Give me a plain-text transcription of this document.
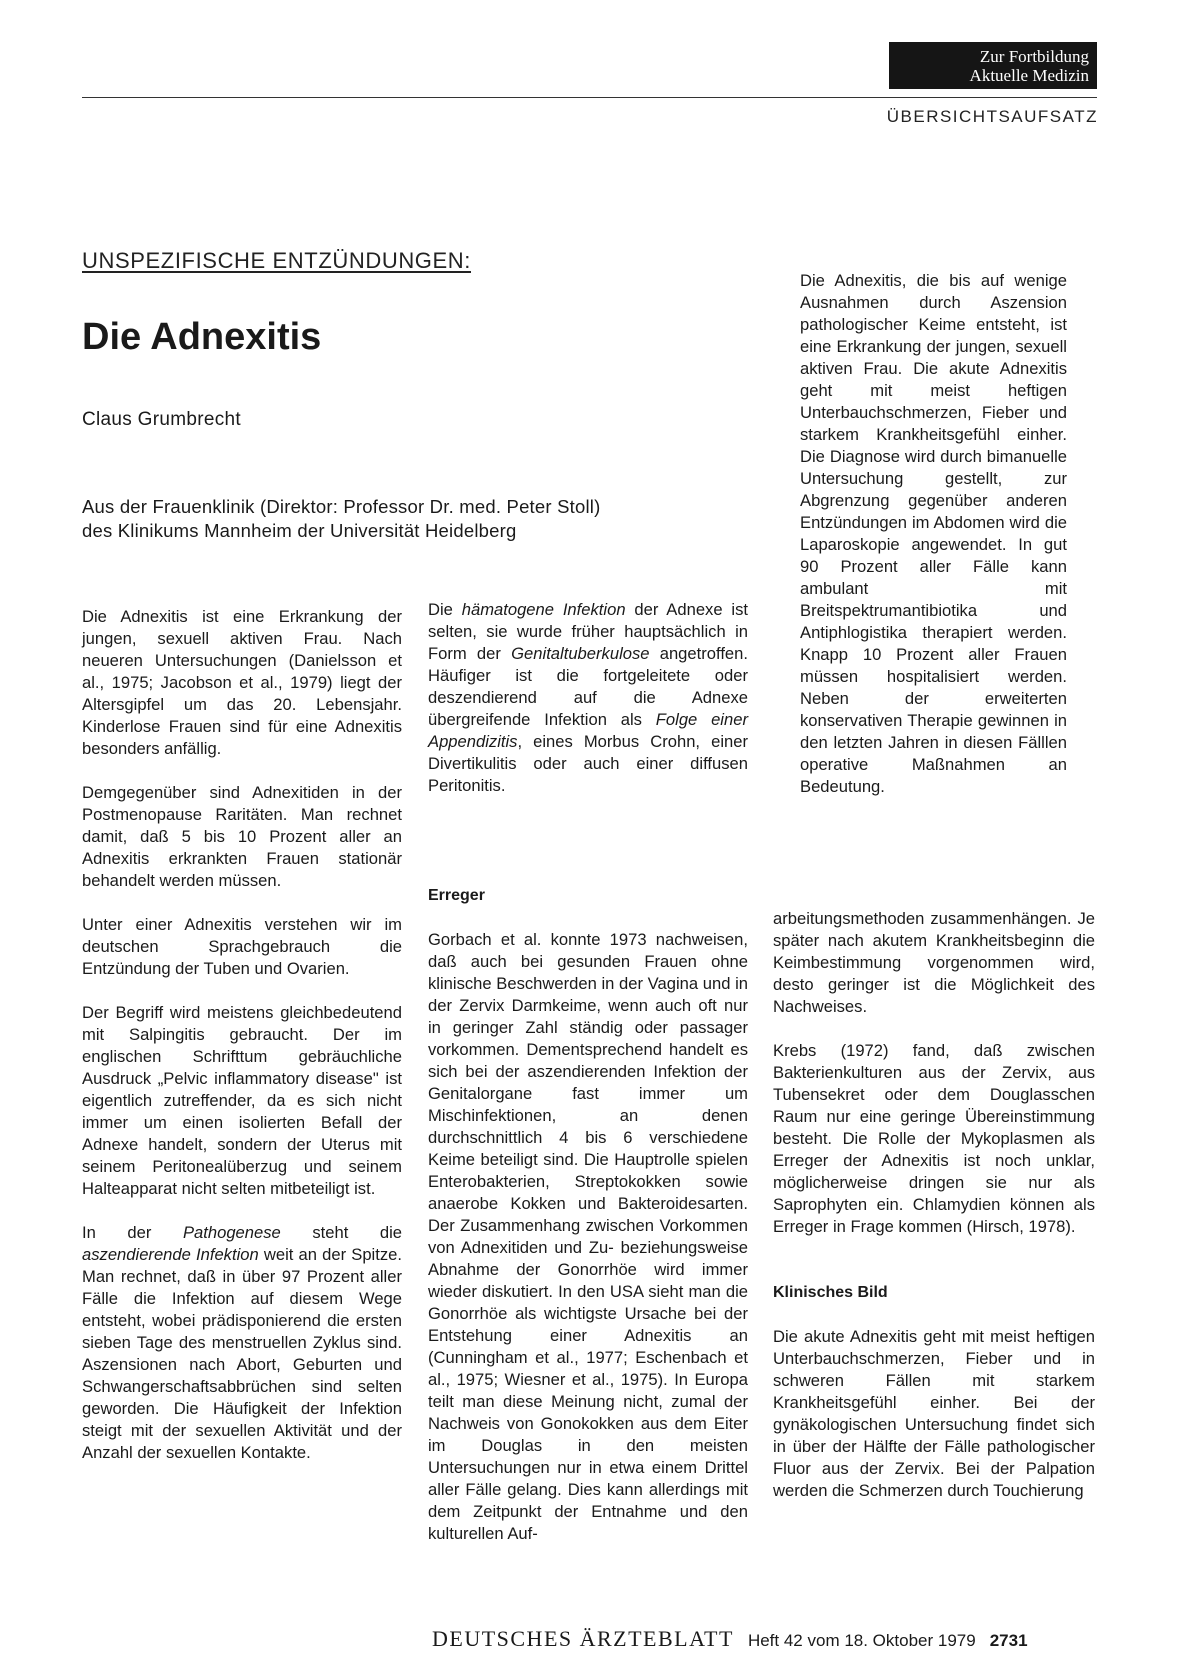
Zur Fortbildung
Aktuelle Medizin
ÜBERSICHTSAUFSATZ
UNSPEZIFISCHE ENTZÜNDUNGEN:
Die Adnexitis
Claus Grumbrecht
Aus der Frauenklinik (Direktor: Professor Dr. med. Peter Stoll)
des Klinikums Mannheim der Universität Heidelberg

Die Adnexitis, die bis auf wenige Ausnahmen durch Aszension pathologischer Keime entsteht, ist eine Erkrankung der jungen, sexuell aktiven Frau. Die akute Adnexitis geht mit meist heftigen Unterbauchschmerzen, Fieber und starkem Krankheitsgefühl einher. Die Diagnose wird durch bimanuelle Untersuchung gestellt, zur Abgrenzung gegenüber anderen Entzündungen im Abdomen wird die Laparoskopie angewendet. In gut 90 Prozent aller Fälle kann ambulant mit Breitspektrumantibiotika und Antiphlogistika therapiert werden. Knapp 10 Prozent aller Frauen müssen hospitalisiert werden. Neben der erweiterten konservativen Therapie gewinnen in den letzten Jahren in diesen Fälllen operative Maßnahmen an Bedeutung.

Die Adnexitis ist eine Erkrankung der jungen, sexuell aktiven Frau. Nach neueren Untersuchungen (Danielsson et al., 1975; Jacobson et al., 1979) liegt der Altersgipfel um das 20. Lebensjahr. Kinderlose Frauen sind für eine Adnexitis besonders anfällig.

Demgegenüber sind Adnexitiden in der Postmenopause Raritäten. Man rechnet damit, daß 5 bis 10 Prozent aller an Adnexitis erkrankten Frauen stationär behandelt werden müssen.

Unter einer Adnexitis verstehen wir im deutschen Sprachgebrauch die Entzündung der Tuben und Ovarien.

Der Begriff wird meistens gleichbedeutend mit Salpingitis gebraucht. Der im englischen Schrifttum gebräuchliche Ausdruck „Pelvic inflammatory disease" ist eigentlich zutreffender, da es sich nicht immer um einen isolierten Befall der Adnexe handelt, sondern der Uterus mit seinem Peritonealüberzug und seinem Halteapparat nicht selten mitbeteiligt ist.

In der Pathogenese steht die aszendierende Infektion weit an der Spitze. Man rechnet, daß in über 97 Prozent aller Fälle die Infektion auf diesem Wege entsteht, wobei prädisponierend die ersten sieben Tage des menstruellen Zyklus sind. Aszensionen nach Abort, Geburten und Schwangerschaftsabbrüchen sind selten geworden. Die Häufigkeit der Infektion steigt mit der sexuellen Aktivität und der Anzahl der sexuellen Kontakte.

Die hämatogene Infektion der Adnexe ist selten, sie wurde früher hauptsächlich in Form der Genitaltuberkulose angetroffen. Häufiger ist die fortgeleitete oder deszendierend auf die Adnexe übergreifende Infektion als Folge einer Appendizitis, eines Morbus Crohn, einer Divertikulitis oder auch einer diffusen Peritonitis.

Erreger

Gorbach et al. konnte 1973 nachweisen, daß auch bei gesunden Frauen ohne klinische Beschwerden in der Vagina und in der Zervix Darmkeime, wenn auch oft nur in geringer Zahl ständig oder passager vorkommen. Dementsprechend handelt es sich bei der aszendierenden Infektion der Genitalorgane fast immer um Mischinfektionen, an denen durchschnittlich 4 bis 6 verschiedene Keime beteiligt sind. Die Hauptrolle spielen Enterobakterien, Streptokokken sowie anaerobe Kokken und Bakteroidesarten. Der Zusammenhang zwischen Vorkommen von Adnexitiden und Zu- beziehungsweise Abnahme der Gonorrhöe wird immer wieder diskutiert. In den USA sieht man die Gonorrhöe als wichtigste Ursache bei der Entstehung einer Adnexitis an (Cunningham et al., 1977; Eschenbach et al., 1975; Wiesner et al., 1975). In Europa teilt man diese Meinung nicht, zumal der Nachweis von Gonokokken aus dem Eiter im Douglas in den meisten Untersuchungen nur in etwa einem Drittel aller Fälle gelang. Dies kann allerdings mit dem Zeitpunkt der Entnahme und den kulturellen Auf-

arbeitungsmethoden zusammenhängen. Je später nach akutem Krankheitsbeginn die Keimbestimmung vorgenommen wird, desto geringer ist die Möglichkeit des Nachweises.

Krebs (1972) fand, daß zwischen Bakterienkulturen aus der Zervix, aus Tubensekret oder dem Douglasschen Raum nur eine geringe Übereinstimmung besteht. Die Rolle der Mykoplasmen als Erreger der Adnexitis ist noch unklar, möglicherweise dringen sie nur als Saprophyten ein. Chlamydien können als Erreger in Frage kommen (Hirsch, 1978).

Klinisches Bild

Die akute Adnexitis geht mit meist heftigen Unterbauchschmerzen, Fieber und in schweren Fällen mit starkem Krankheitsgefühl einher. Bei der gynäkologischen Untersuchung findet sich in über der Hälfte der Fälle pathologischer Fluor aus der Zervix. Bei der Palpation werden die Schmerzen durch Touchierung

DEUTSCHES ÄRZTEBLATT Heft 42 vom 18. Oktober 1979 2731
